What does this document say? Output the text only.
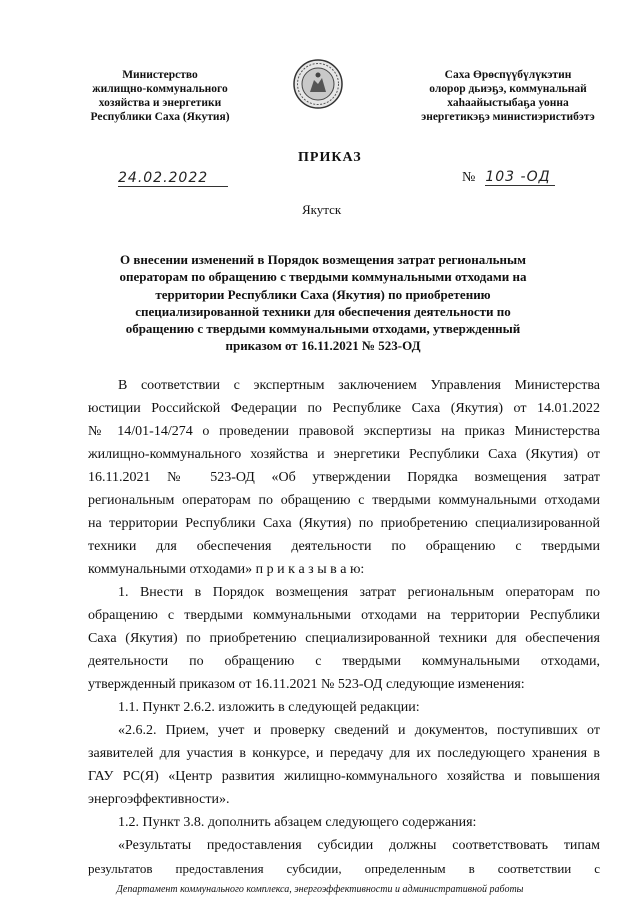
Министерство
жилищно-коммунального
хозяйства и энергетики
Республики Саха (Якутия)
Саха Өрөспүүбүлүкэтин
олорор дьиэҕэ, коммунальнай
хаһаайыстыбаҕа уонна
энергетикэҕэ министиэристибэтэ
ПРИКАЗ
24.02.2022	№ 103 -ОД
Якутск
О внесении изменений в Порядок возмещения затрат региональным
операторам по обращению с твердыми коммунальными отходами на
территории Республики Саха (Якутия) по приобретению
специализированной техники для обеспечения деятельности по
обращению с твердыми коммунальными отходами, утвержденный
приказом от 16.11.2021 № 523-ОД
В соответствии с экспертным заключением Управления Министерства
юстиции Российской Федерации по Республике Саха (Якутия) от 14.01.2022
№ 14/01-14/274 о проведении правовой экспертизы на приказ Министерства
жилищно-коммунального хозяйства и энергетики Республики Саха (Якутия) от
16.11.2021 № 523-ОД «Об утверждении Порядка возмещения затрат
региональным операторам по обращению с твердыми коммунальными отходами
на территории Республики Саха (Якутия) по приобретению специализированной
техники для обеспечения деятельности по обращению с твердыми
коммунальными отходами» п р и к а з ы в а ю:
1. Внести в Порядок возмещения затрат региональным операторам по
обращению с твердыми коммунальными отходами на территории Республики
Саха (Якутия) по приобретению специализированной техники для обеспечения
деятельности по обращению с твердыми коммунальными отходами,
утвержденный приказом от 16.11.2021 № 523-ОД следующие изменения:
1.1. Пункт 2.6.2. изложить в следующей редакции:
«2.6.2. Прием, учет и проверку сведений и документов, поступивших от
заявителей для участия в конкурсе, и передачу для их последующего хранения в
ГАУ РС(Я) «Центр развития жилищно-коммунального хозяйства и повышения
энергоэффективности».
1.2. Пункт 3.8. дополнить абзацем следующего содержания:
«Результаты предоставления субсидии должны соответствовать типам
результатов предоставления субсидии, определенным в соответствии с
Департамент коммунального комплекса, энергоэффективности и административной работы
